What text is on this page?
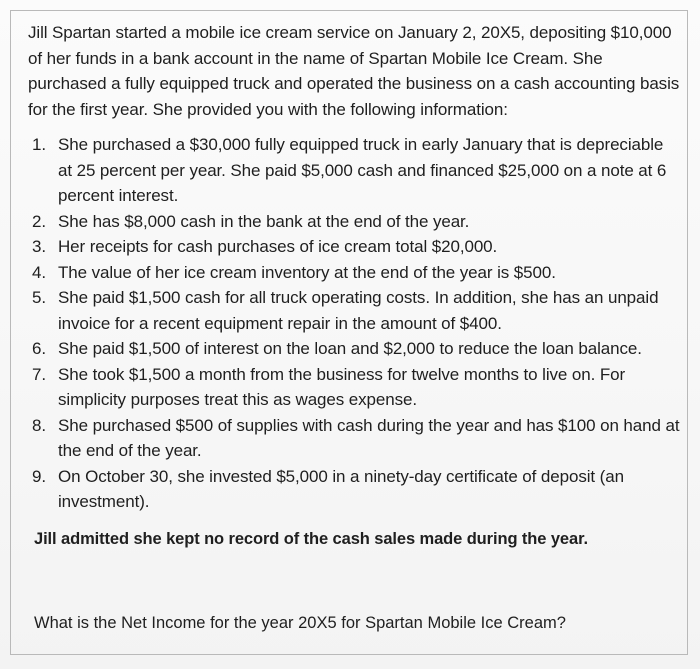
Jill Spartan started a mobile ice cream service on January 2, 20X5, depositing $10,000 of her funds in a bank account in the name of Spartan Mobile Ice Cream. She purchased a fully equipped truck and operated the business on a cash accounting basis for the first year. She provided you with the following information:

1. She purchased a $30,000 fully equipped truck in early January that is depreciable at 25 percent per year. She paid $5,000 cash and financed $25,000 on a note at 6 percent interest.
2. She has $8,000 cash in the bank at the end of the year.
3. Her receipts for cash purchases of ice cream total $20,000.
4. The value of her ice cream inventory at the end of the year is $500.
5. She paid $1,500 cash for all truck operating costs. In addition, she has an unpaid invoice for a recent equipment repair in the amount of $400.
6. She paid $1,500 of interest on the loan and $2,000 to reduce the loan balance.
7. She took $1,500 a month from the business for twelve months to live on. For simplicity purposes treat this as wages expense.
8. She purchased $500 of supplies with cash during the year and has $100 on hand at the end of the year.
9. On October 30, she invested $5,000 in a ninety-day certificate of deposit (an investment).

Jill admitted she kept no record of the cash sales made during the year.

What is the Net Income for the year 20X5 for Spartan Mobile Ice Cream?
